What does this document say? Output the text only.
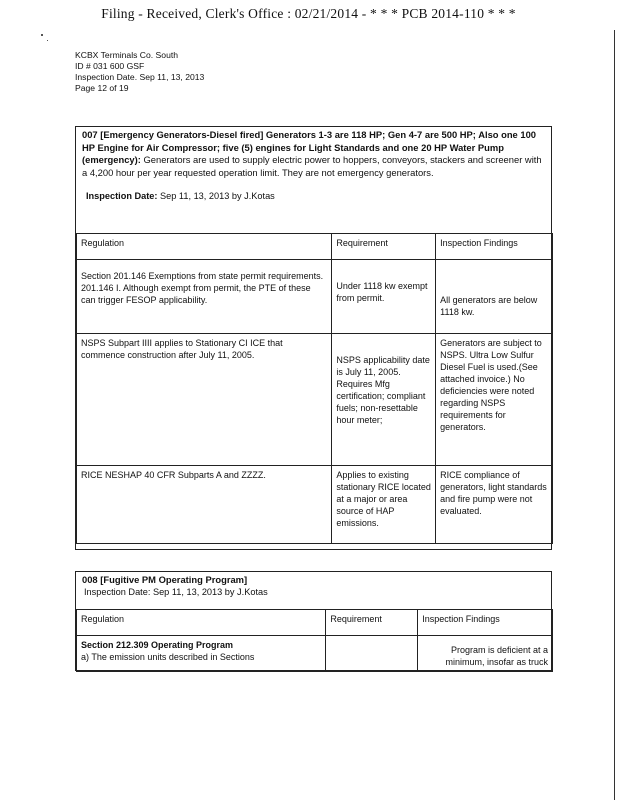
Filing - Received, Clerk's Office : 02/21/2014 - * * * PCB 2014-110 * * *
KCBX Terminals Co. South
ID # 031 600 GSF
Inspection Date. Sep 11, 13, 2013
Page 12 of 19
007 [Emergency Generators-Diesel fired] Generators 1-3 are 118 HP; Gen 4-7 are 500 HP; Also one 100 HP Engine for Air Compressor; five (5) engines for Light Standards and one 20 HP Water Pump (emergency): Generators are used to supply electric power to hoppers, conveyors, stackers and screener with a 4,200 hour per year requested operation limit. They are not emergency generators.
Inspection Date: Sep 11, 13, 2013 by J.Kotas
Regulation	Requirement	Inspection Findings
Section 201.146 Exemptions from state permit requirements. 201.146 I. Although exempt from permit, the PTE of these can trigger FESOP applicability.	Under 1118 kw exempt from permit.	All generators are below 1118 kw.
NSPS Subpart IIII applies to Stationary CI ICE that commence construction after July 11, 2005.	NSPS applicability date is July 11, 2005. Requires Mfg certification; compliant fuels; non-resettable hour meter;	Generators are subject to NSPS. Ultra Low Sulfur Diesel Fuel is used.(See attached invoice.) No deficiencies were noted regarding NSPS requirements for generators.
RICE NESHAP 40 CFR Subparts A and ZZZZ.	Applies to existing stationary RICE located at a major or area source of HAP emissions.	RICE compliance of generators, light standards and fire pump were not evaluated.
008 [Fugitive PM Operating Program]
Inspection Date: Sep 11, 13, 2013 by J.Kotas
Regulation	Requirement	Inspection Findings

Section 212.309 Operating Program
a) The emission units described in Sections		Program is deficient at a minimum, insofar as truck
